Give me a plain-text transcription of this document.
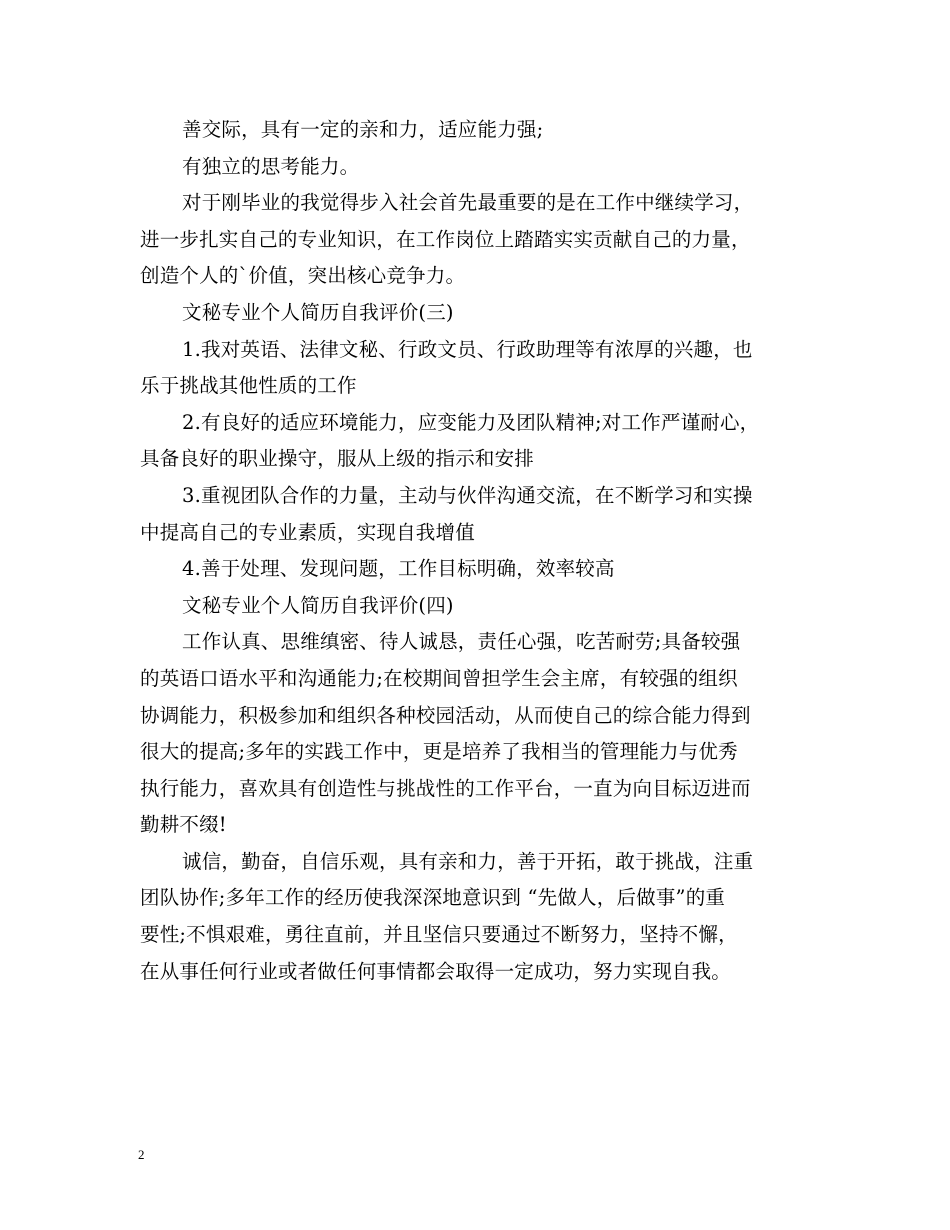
善交际，具有一定的亲和力，适应能力强;
有独立的思考能力。
对于刚毕业的我觉得步入社会首先最重要的是在工作中继续学习，
进一步扎实自己的专业知识，在工作岗位上踏踏实实贡献自己的力量，
创造个人的`价值，突出核心竞争力。
文秘专业个人简历自我评价(三)
1.我对英语、法律文秘、行政文员、行政助理等有浓厚的兴趣，也
乐于挑战其他性质的工作
2.有良好的适应环境能力，应变能力及团队精神;对工作严谨耐心，
具备良好的职业操守，服从上级的指示和安排
3.重视团队合作的力量，主动与伙伴沟通交流，在不断学习和实操
中提高自己的专业素质，实现自我增值
4.善于处理、发现问题，工作目标明确，效率较高
文秘专业个人简历自我评价(四)
工作认真、思维缜密、待人诚恳，责任心强，吃苦耐劳;具备较强
的英语口语水平和沟通能力;在校期间曾担学生会主席，有较强的组织
协调能力，积极参加和组织各种校园活动，从而使自己的综合能力得到
很大的提高;多年的实践工作中，更是培养了我相当的管理能力与优秀
执行能力，喜欢具有创造性与挑战性的工作平台，一直为向目标迈进而
勤耕不缀!
诚信，勤奋，自信乐观，具有亲和力，善于开拓，敢于挑战，注重
团队协作;多年工作的经历使我深深地意识到 “先做人，后做事”的重
要性;不惧艰难，勇往直前，并且坚信只要通过不断努力，坚持不懈，
在从事任何行业或者做任何事情都会取得一定成功，努力实现自我。
2
